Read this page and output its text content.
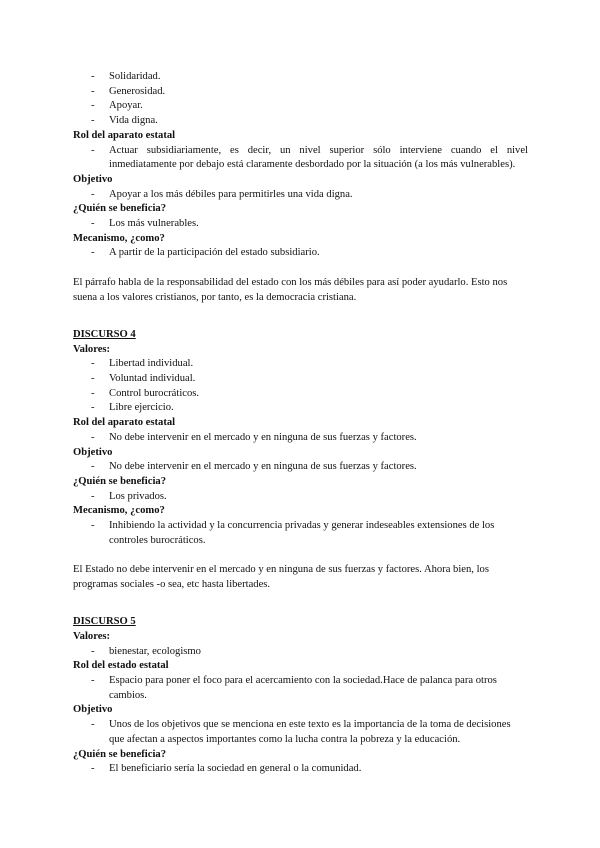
-	Solidaridad.
-	Generosidad.
-	Apoyar.
-	Vida digna.
Rol del aparato estatal
-	Actuar subsidiariamente, es decir, un nivel superior sólo interviene cuando el nivel inmediatamente por debajo está claramente desbordado por la situación (a los más vulnerables).
Objetivo
-	Apoyar a los más débiles para permitirles una vida digna.
¿Quién se beneficia?
-	Los más vulnerables.
Mecanismo, ¿como?
-	A partir de la participación del estado subsidiario.

El párrafo habla de la responsabilidad del estado con los más débiles para así poder ayudarlo. Esto nos suena a los valores cristianos, por tanto, es la democracia cristiana.

DISCURSO 4
Valores:
-	Libertad individual.
-	Voluntad individual.
-	Control burocráticos.
-	Libre ejercicio.
Rol del aparato estatal
-	No debe intervenir en el mercado y en ninguna de sus fuerzas y factores.
Objetivo
-	No debe intervenir en el mercado y en ninguna de sus fuerzas y factores.
¿Quién se beneficia?
-	Los privados.
Mecanismo, ¿como?
-	Inhibiendo la actividad y la concurrencia privadas y generar indeseables extensiones de los controles burocráticos.

El Estado no debe intervenir en el mercado y en ninguna de sus fuerzas y factores. Ahora bien, los programas sociales -o sea, etc hasta libertades.

DISCURSO 5
Valores:
-	bienestar, ecologismo
Rol del estado estatal
-	Espacio para poner el foco para el acercamiento con la sociedad.Hace de palanca para otros cambios.
Objetivo
-	Unos de los objetivos que se menciona en este texto es la importancia de la toma de decisiones que afectan a aspectos importantes como la lucha contra la pobreza y la educación.
¿Quién se beneficia?
-	El beneficiario sería la sociedad en general o la comunidad.
